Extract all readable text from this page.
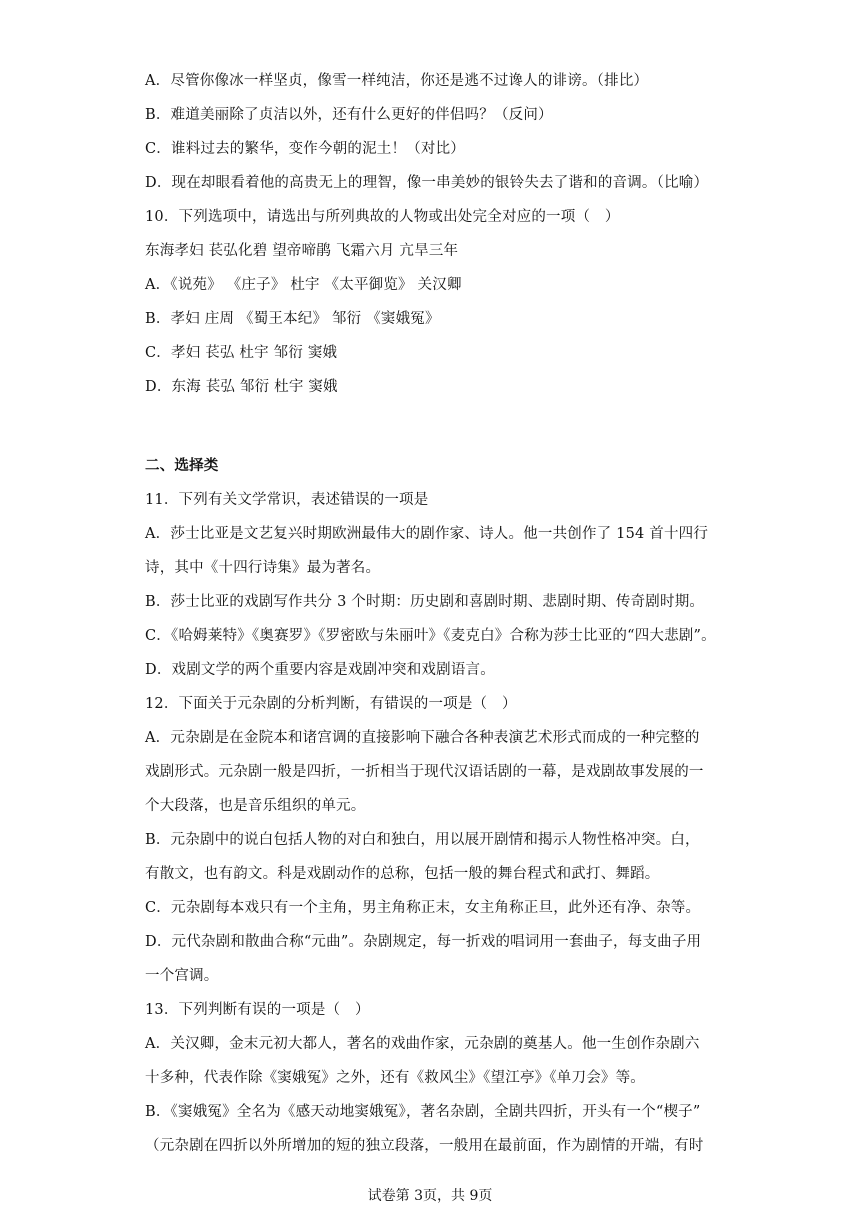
A．尽管你像冰一样坚贞，像雪一样纯洁，你还是逃不过谗人的诽谤。（排比）
B．难道美丽除了贞洁以外，还有什么更好的伴侣吗？（反问）
C．谁料过去的繁华，变作今朝的泥土！（对比）
D．现在却眼看着他的高贵无上的理智，像一串美妙的银铃失去了谐和的音调。（比喻）
10．下列选项中，请选出与所列典故的人物或出处完全对应的一项（　）
东海孝妇 苌弘化碧 望帝啼鹃 飞霜六月 亢旱三年
A．《说苑》 《庄子》 杜宇 《太平御览》 关汉卿
B．孝妇 庄周 《蜀王本纪》 邹衍 《窦娥冤》
C．孝妇 苌弘 杜宇 邹衍 窦娥
D．东海 苌弘 邹衍 杜宇 窦娥
二、选择类
11．下列有关文学常识，表述错误的一项是
A．莎士比亚是文艺复兴时期欧洲最伟大的剧作家、诗人。他一共创作了 154 首十四行
诗，其中《十四行诗集》最为著名。
B．莎士比亚的戏剧写作共分 3 个时期：历史剧和喜剧时期、悲剧时期、传奇剧时期。
C．《哈姆莱特》《奥赛罗》《罗密欧与朱丽叶》《麦克白》合称为莎士比亚的“四大悲剧”。
D．戏剧文学的两个重要内容是戏剧冲突和戏剧语言。
12．下面关于元杂剧的分析判断，有错误的一项是（　）
A．元杂剧是在金院本和诸宫调的直接影响下融合各种表演艺术形式而成的一种完整的
戏剧形式。元杂剧一般是四折，一折相当于现代汉语话剧的一幕，是戏剧故事发展的一
个大段落，也是音乐组织的单元。
B．元杂剧中的说白包括人物的对白和独白，用以展开剧情和揭示人物性格冲突。白，
有散文，也有韵文。科是戏剧动作的总称，包括一般的舞台程式和武打、舞蹈。
C．元杂剧每本戏只有一个主角，男主角称正末，女主角称正旦，此外还有净、杂等。
D．元代杂剧和散曲合称“元曲”。杂剧规定，每一折戏的唱词用一套曲子，每支曲子用
一个宫调。
13．下列判断有误的一项是（　）
A．关汉卿，金末元初大都人，著名的戏曲作家，元杂剧的奠基人。他一生创作杂剧六
十多种，代表作除《窦娥冤》之外，还有《救风尘》《望江亭》《单刀会》等。
B．《窦娥冤》全名为《感天动地窦娥冤》，著名杂剧，全剧共四折，开头有一个“楔子”
（元杂剧在四折以外所增加的短的独立段落，一般用在最前面，作为剧情的开端，有时
试卷第 3页，共 9页
